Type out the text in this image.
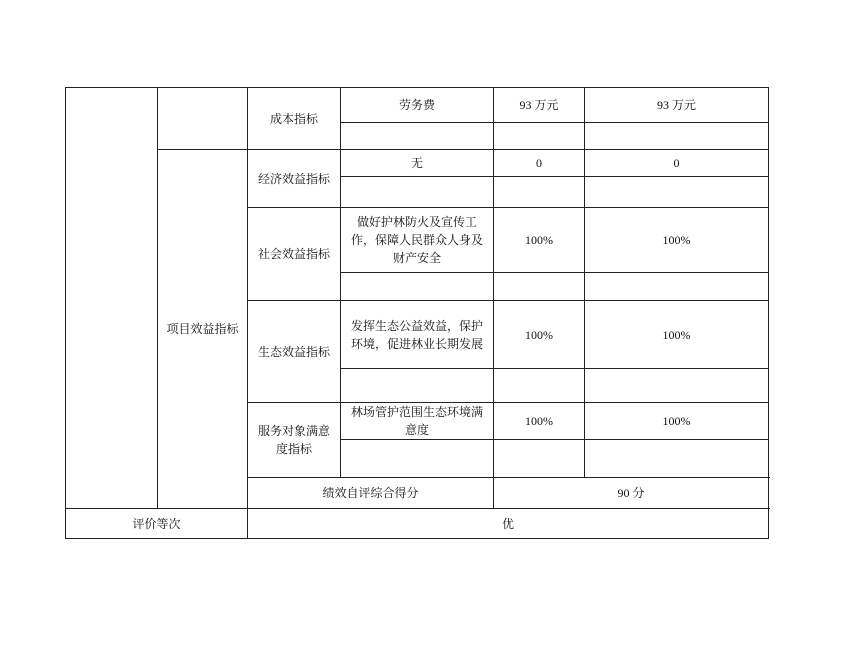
		成本指标	劳务费	93 万元	93 万元

	项目效益指标	经济效益指标	无	0	0

		社会效益指标	做好护林防火及宣传工作，保障人民群众人身及财产安全	100%	100%

		生态效益指标	发挥生态公益效益，保护环境，促进林业长期发展	100%	100%

		服务对象满意度指标	林场管护范围生态环境满意度	100%	100%

		绩效自评综合得分		90 分	
评价等次		优			
